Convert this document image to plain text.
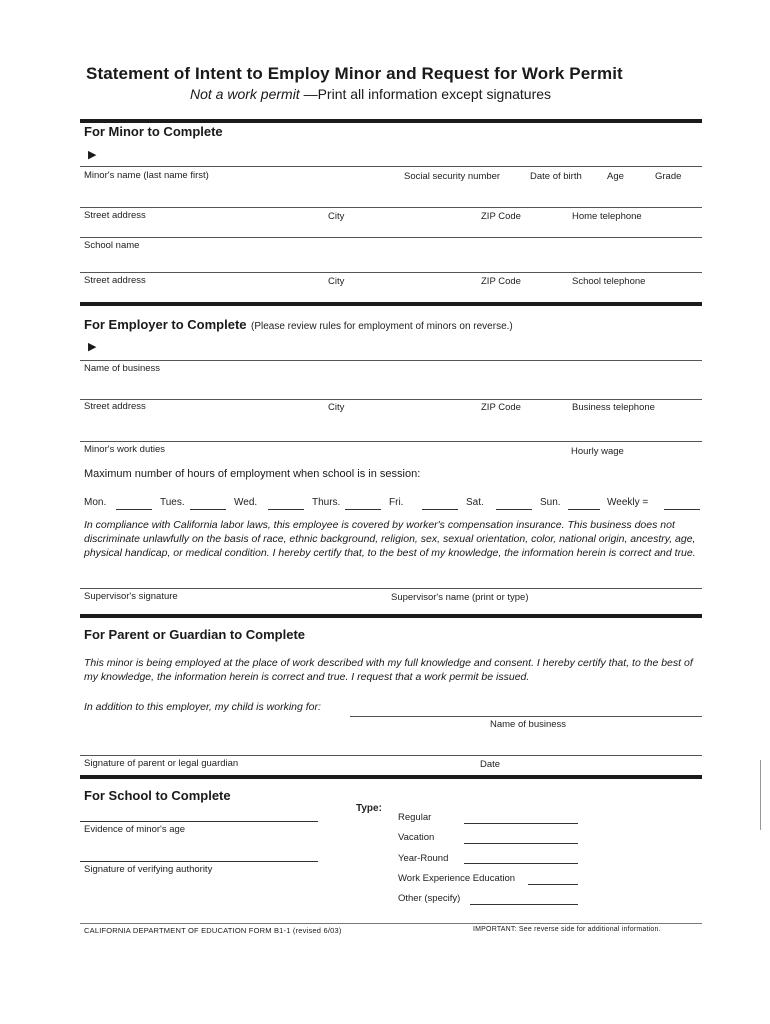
Statement of Intent to Employ Minor and Request for Work Permit
Not a work permit —Print all information except signatures
For Minor to Complete
▶
Minor's name (last name first)	Social security number	Date of birth	Age	Grade
Street address	City	ZIP Code	Home telephone
School name
Street address	City	ZIP Code	School telephone
For Employer to Complete (Please review rules for employment of minors on reverse.)
▶
Name of business
Street address	City	ZIP Code	Business telephone
Minor's work duties	Hourly wage
Maximum number of hours of employment when school is in session:
Mon.	Tues.	Wed.	Thurs.	Fri.	Sat.	Sun.	Weekly =
In compliance with California labor laws, this employee is covered by worker's compensation insurance. This business does not discriminate unlawfully on the basis of race, ethnic background, religion, sex, sexual orientation, color, national origin, ancestry, age, physical handicap, or medical condition. I hereby certify that, to the best of my knowledge, the information herein is correct and true.
Supervisor's signature	Supervisor's name (print or type)
For Parent or Guardian to Complete
This minor is being employed at the place of work described with my full knowledge and consent. I hereby certify that, to the best of my knowledge, the information herein is correct and true. I request that a work permit be issued.
In addition to this employer, my child is working for:
Name of business
Signature of parent or legal guardian	Date
For School to Complete
Evidence of minor's age
Signature of verifying authority
Type:
Regular
Vacation
Year-Round
Work Experience Education
Other (specify)
CALIFORNIA DEPARTMENT OF EDUCATION FORM B1-1 (revised 6/03)	IMPORTANT: See reverse side for additional information.
